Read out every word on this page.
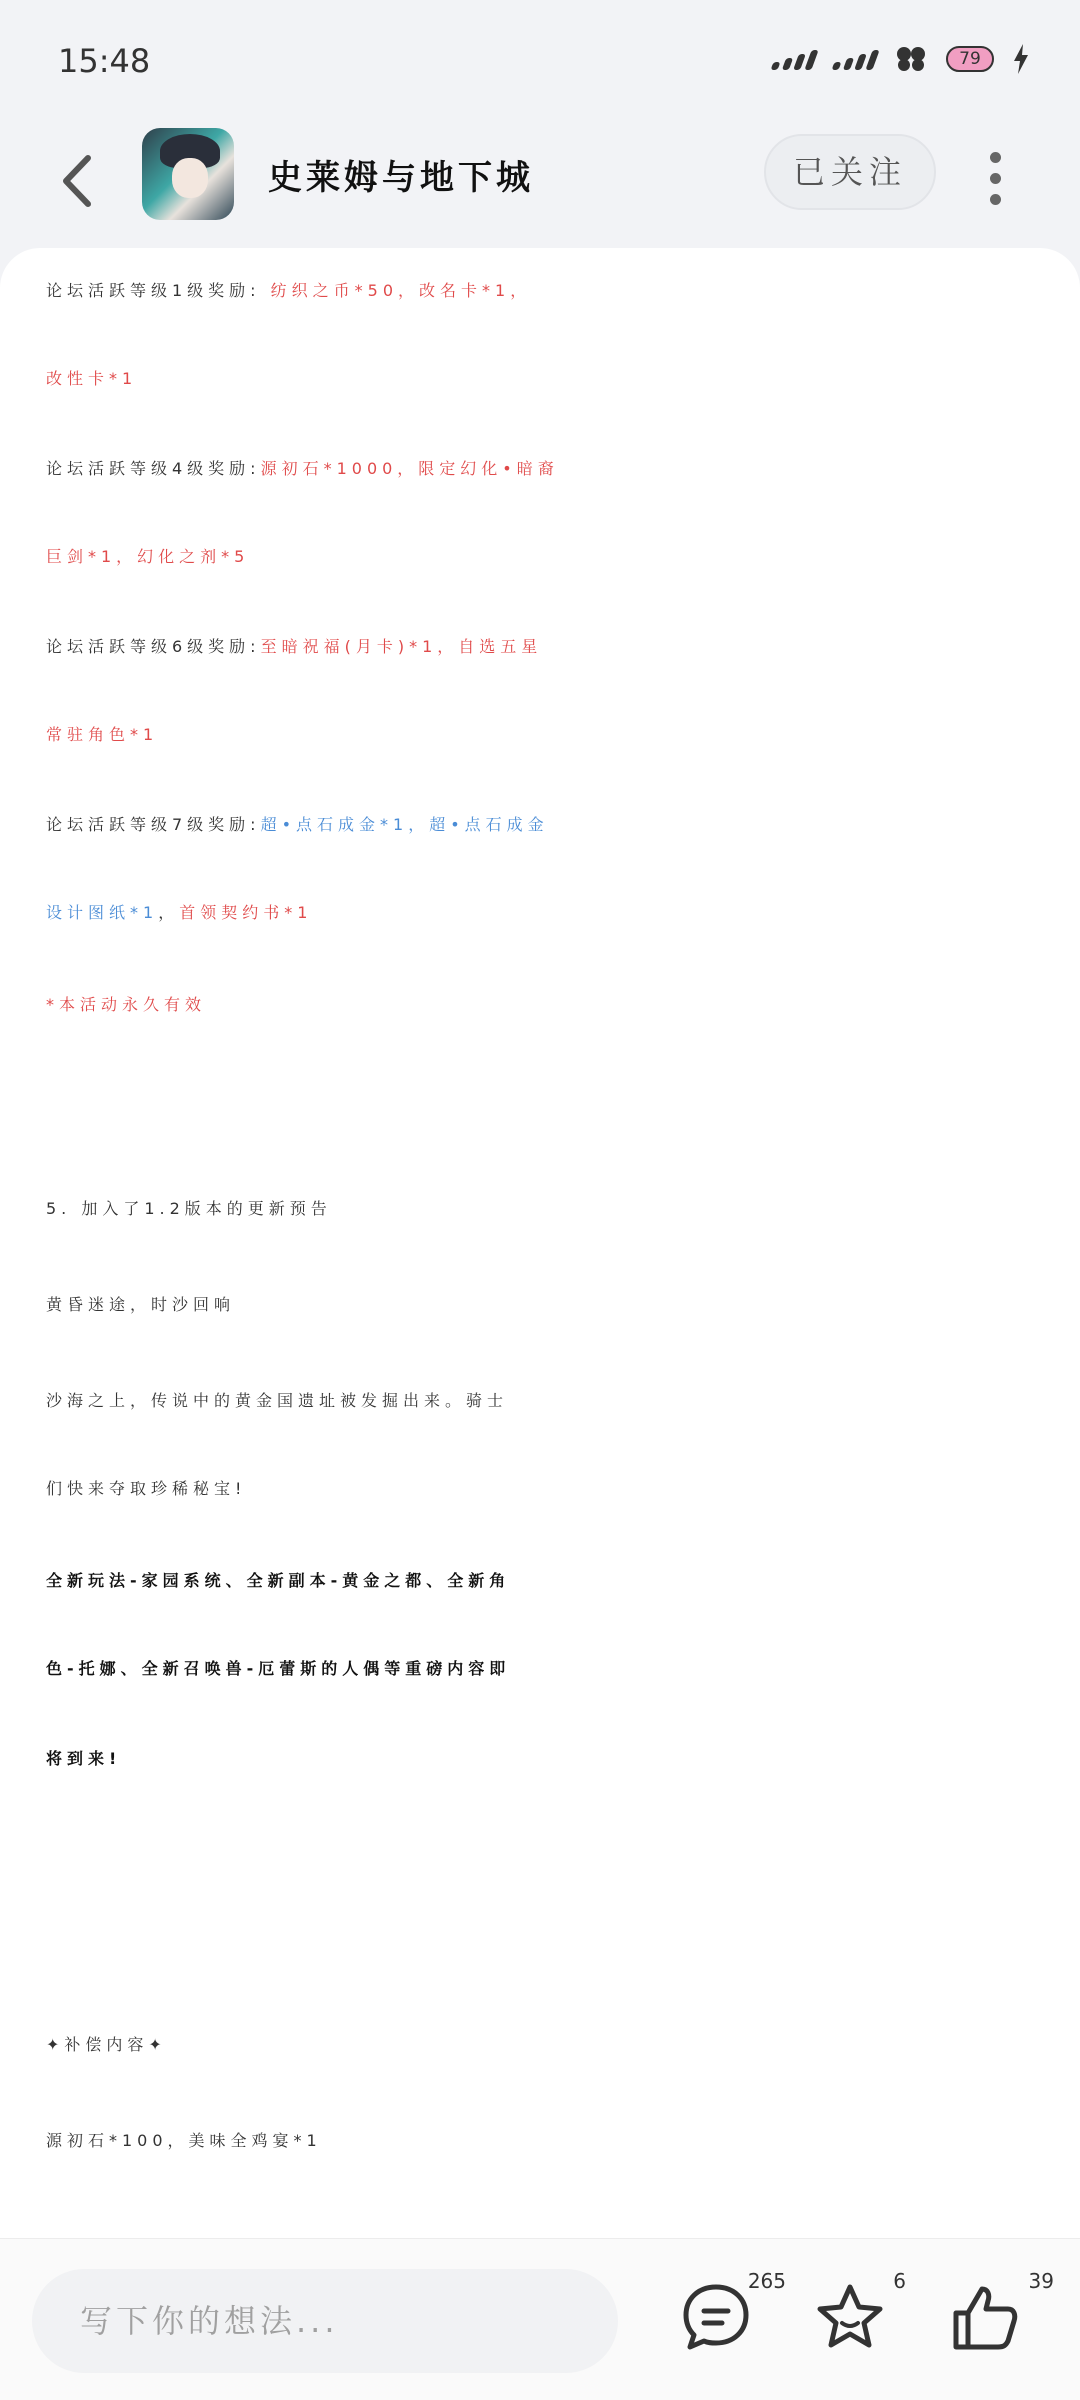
15:48	79
史莱姆与地下城	已关注
论坛活跃等级1级奖励: 纺织之币*50，改名卡*1，
改性卡*1
论坛活跃等级4级奖励:源初石*1000，限定幻化•暗裔
巨剑*1，幻化之剂*5
论坛活跃等级6级奖励:至暗祝福(月卡)*1，自选五星
常驻角色*1
论坛活跃等级7级奖励:超•点石成金*1，超•点石成金
设计图纸*1，首领契约书*1
*本活动永久有效
5. 加入了1.2版本的更新预告
黄昏迷途，时沙回响
沙海之上，传说中的黄金国遗址被发掘出来。骑士
们快来夺取珍稀秘宝!
全新玩法-家园系统、全新副本-黄金之都、全新角
色-托娜、全新召唤兽-厄蕾斯的人偶等重磅内容即
将到来!
✦补偿内容✦
源初石*100，美味全鸡宴*1
写下你的想法...
265	6	39
